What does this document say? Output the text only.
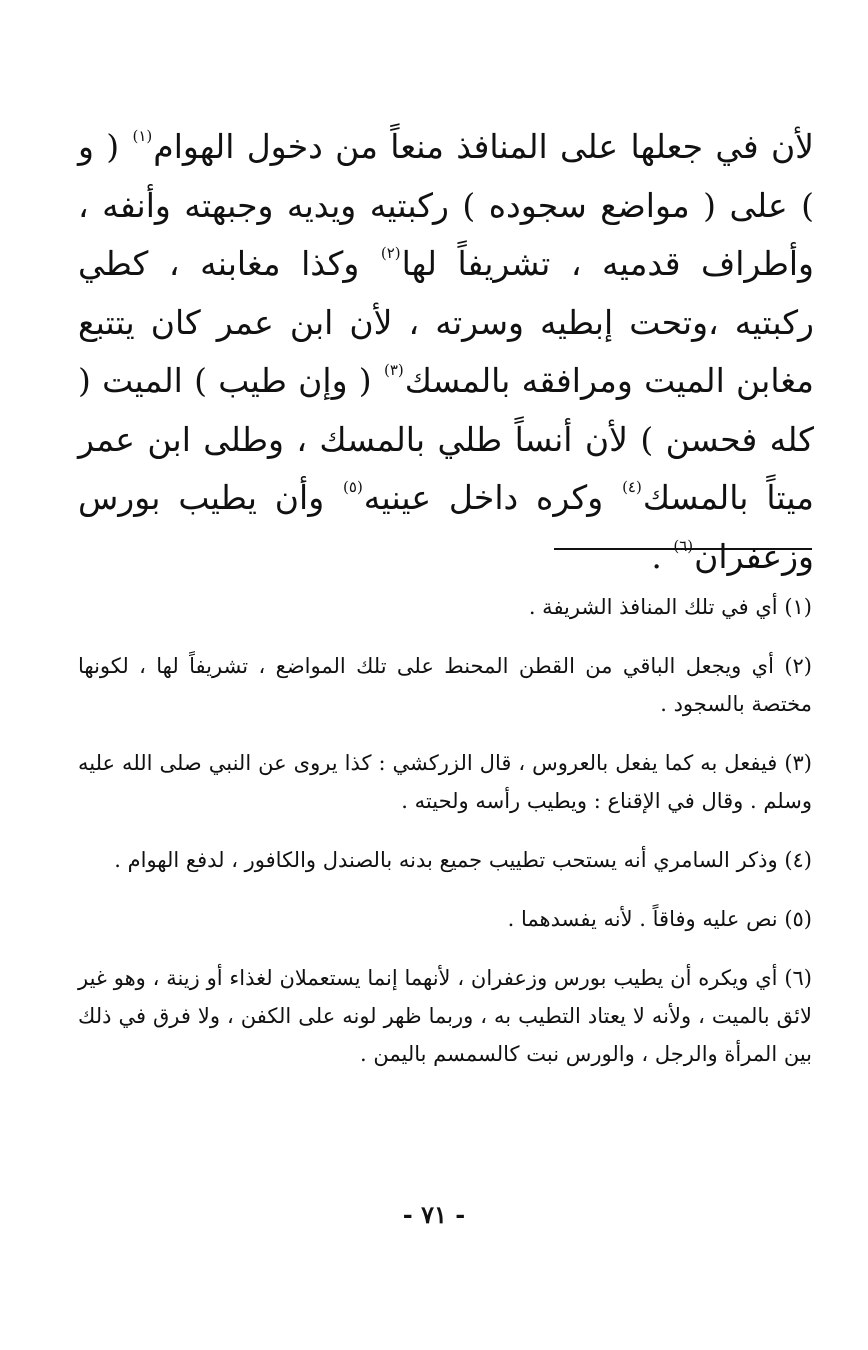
لأن في جعلها على المنافذ منعاً من دخول الهوام$^{(١)}$ ( و ) على ( مواضع سجوده ) ركبتيه ويديه وجبهته وأنفه ، وأطراف قدميه ، تشريفاً لها$^{(٢)}$ وكذا مغابنه ، كطي ركبتيه ،وتحت إبطيه وسرته ، لأن ابن عمر كان يتتبع مغابن الميت ومرافقه بالمسك$^{(٣)}$ ( وإن طيب ) الميت ( كله فحسن ) لأن أنساً طلي بالمسك ، وطلى ابن عمر ميتاً بالمسك$^{(٤)}$ وكره داخل عينيه$^{(٥)}$ وأن يطيب بورس وزعفران$^{(٦)}$ .

(١) أي في تلك المنافذ الشريفة .

(٢) أي ويجعل الباقي من القطن المحنط على تلك المواضع ، تشريفاً لها ، لكونها مختصة بالسجود .

(٣) فيفعل به كما يفعل بالعروس ، قال الزركشي : كذا يروى عن النبي صلى الله عليه وسلم . وقال في الإقناع : ويطيب رأسه ولحيته .

(٤) وذكر السامري أنه يستحب تطييب جميع بدنه بالصندل والكافور ، لدفع الهوام .

(٥) نص عليه وفاقاً . لأنه يفسدهما .

(٦) أي ويكره أن يطيب بورس وزعفران ، لأنهما إنما يستعملان لغذاء أو زينة ، وهو غير لائق بالميت ، ولأنه لا يعتاد التطيب به ، وربما ظهر لونه على الكفن ، ولا فرق في ذلك بين المرأة والرجل ، والورس نبت كالسمسم باليمن .

- ٧١ -
